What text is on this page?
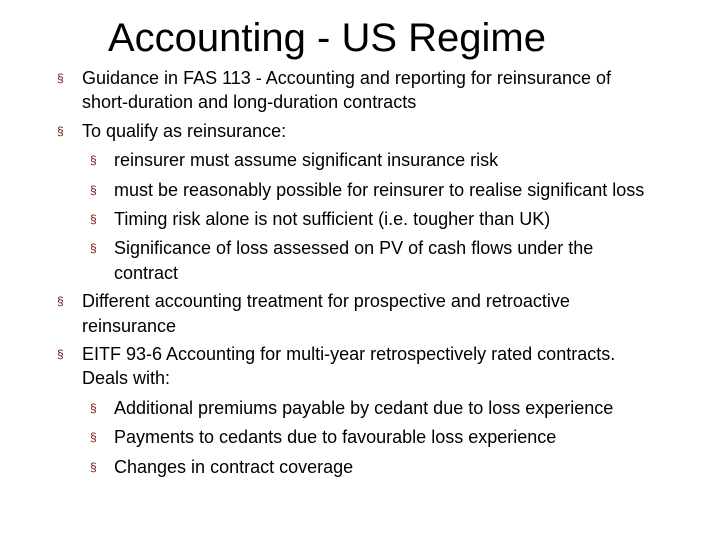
Accounting - US Regime
§ Guidance in FAS 113 - Accounting and reporting for reinsurance of
short-duration and long-duration contracts
§ To qualify as reinsurance:
§ reinsurer must assume significant insurance risk
§ must be reasonably possible for reinsurer to realise significant loss
§ Timing risk alone is not sufficient (i.e. tougher than UK)
§ Significance of loss assessed on PV of cash flows under the
contract
§ Different accounting treatment for prospective and retroactive
reinsurance
§ EITF 93-6 Accounting for multi-year retrospectively rated contracts.
Deals with:
§ Additional premiums payable by cedant due to loss experience
§ Payments to cedants due to favourable loss experience
§ Changes in contract coverage
